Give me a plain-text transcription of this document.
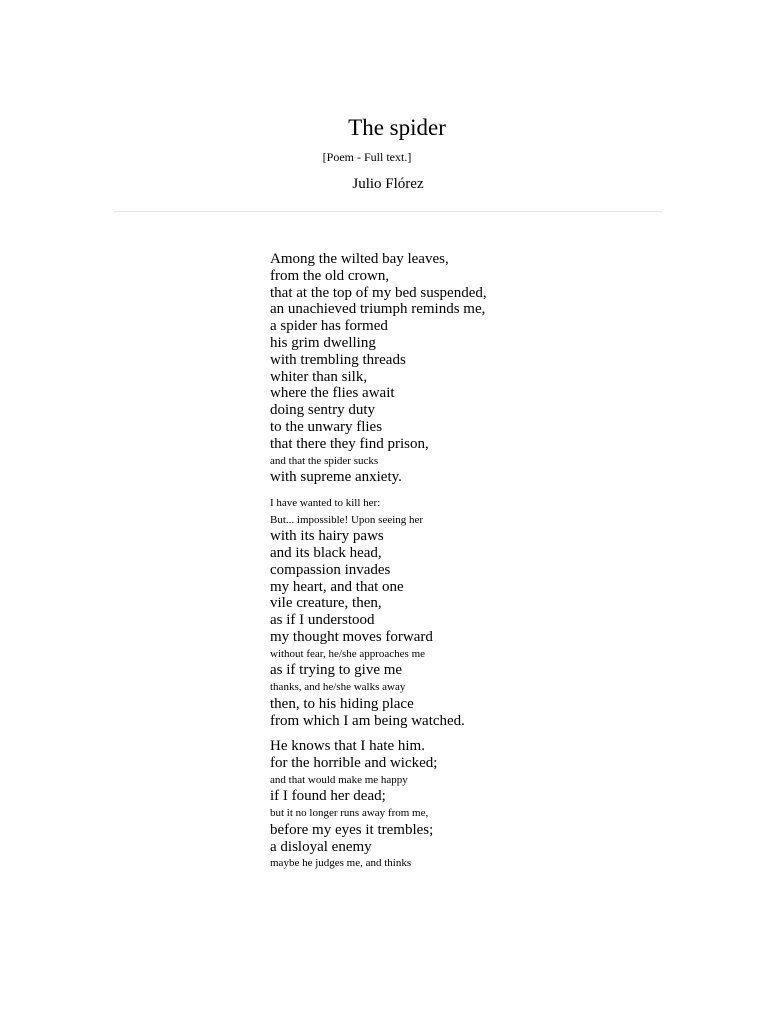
The spider
[Poem - Full text.]
Julio Flórez
Among the wilted bay leaves,
from the old crown,
that at the top of my bed suspended,
an unachieved triumph reminds me,
a spider has formed
his grim dwelling
with trembling threads
whiter than silk,
where the flies await
doing sentry duty
to the unwary flies
that there they find prison,
and that the spider sucks
with supreme anxiety.
I have wanted to kill her:
But... impossible! Upon seeing her
with its hairy paws
and its black head,
compassion invades
my heart, and that one
vile creature, then,
as if I understood
my thought moves forward
without fear, he/she approaches me
as if trying to give me
thanks, and he/she walks away
then, to his hiding place
from which I am being watched.
He knows that I hate him.
for the horrible and wicked;
and that would make me happy
if I found her dead;
but it no longer runs away from me,
before my eyes it trembles;
a disloyal enemy
maybe he judges me, and thinks
